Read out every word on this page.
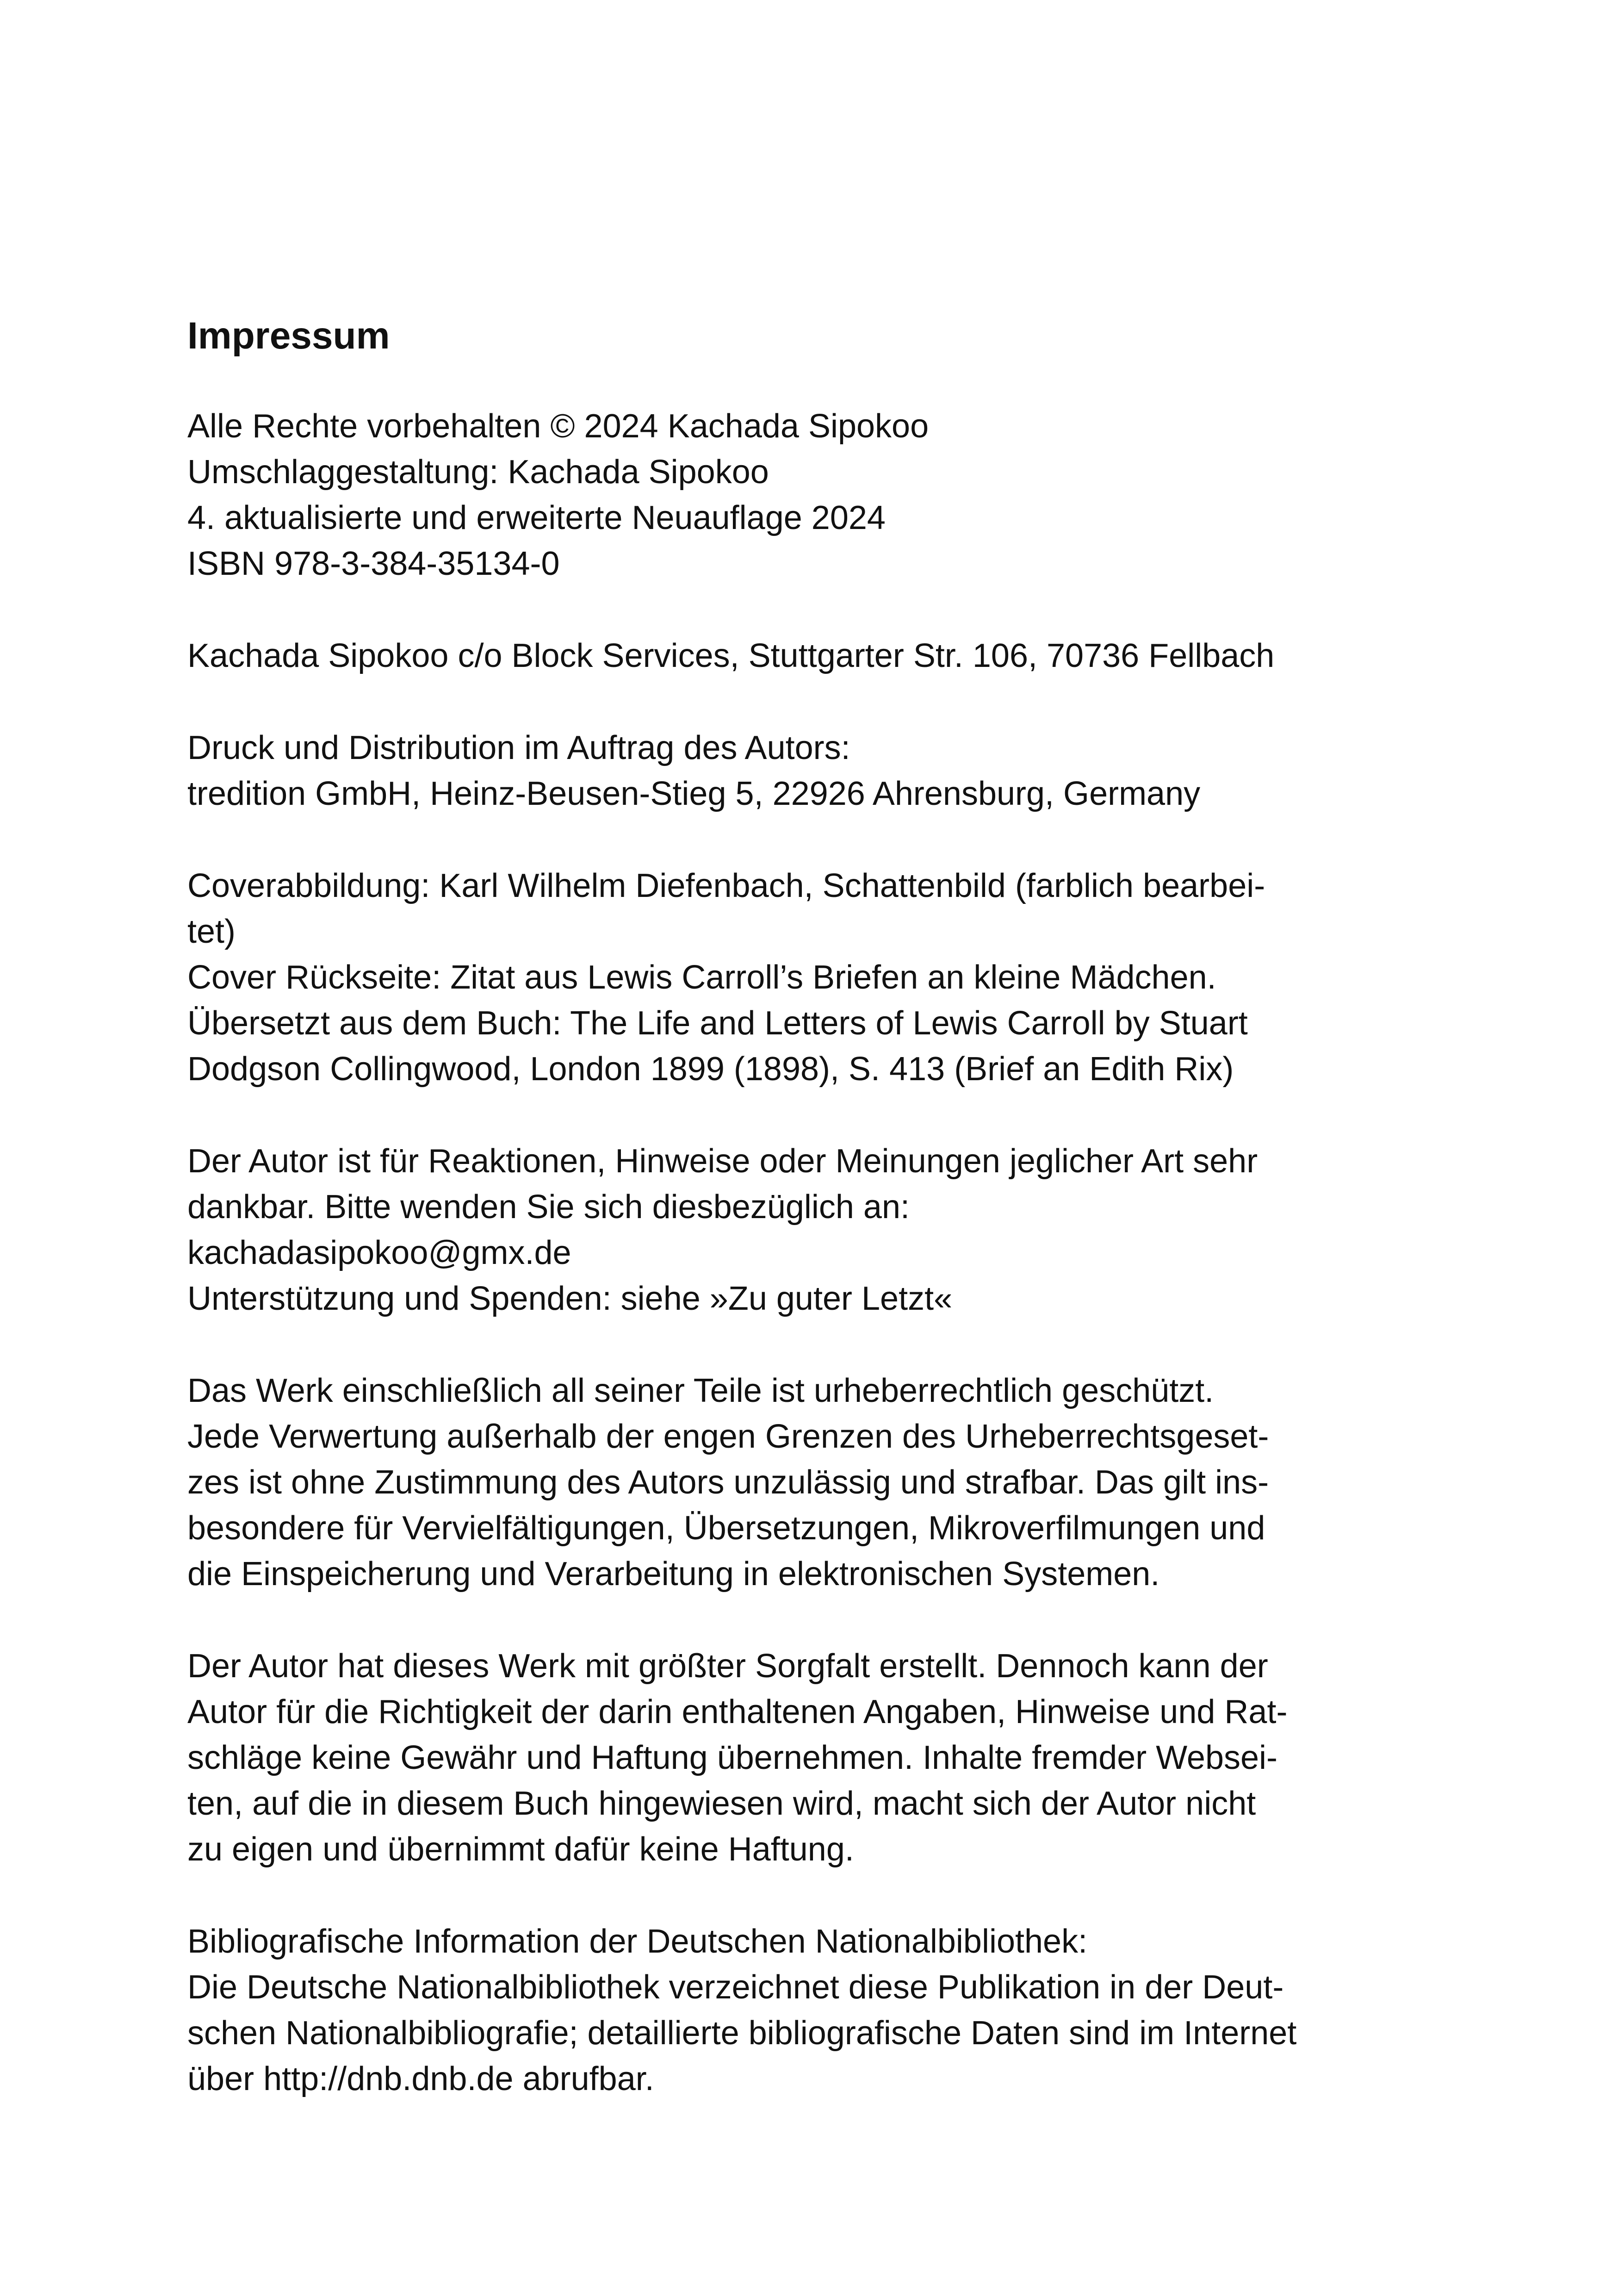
Impressum
Alle Rechte vorbehalten © 2024 Kachada Sipokoo
Umschlaggestaltung: Kachada Sipokoo
4. aktualisierte und erweiterte Neuauflage 2024
ISBN 978-3-384-35134-0
Kachada Sipokoo c/o Block Services, Stuttgarter Str. 106, 70736 Fellbach
Druck und Distribution im Auftrag des Autors:
tredition GmbH, Heinz-Beusen-Stieg 5, 22926 Ahrensburg, Germany
Coverabbildung: Karl Wilhelm Diefenbach, Schattenbild (farblich bearbei-
tet)
Cover Rückseite: Zitat aus Lewis Carroll’s Briefen an kleine Mädchen.
Übersetzt aus dem Buch: The Life and Letters of Lewis Carroll by Stuart
Dodgson Collingwood, London 1899 (1898), S. 413 (Brief an Edith Rix)
Der Autor ist für Reaktionen, Hinweise oder Meinungen jeglicher Art sehr
dankbar. Bitte wenden Sie sich diesbezüglich an:
kachadasipokoo@gmx.de
Unterstützung und Spenden: siehe »Zu guter Letzt«
Das Werk einschließlich all seiner Teile ist urheberrechtlich geschützt.
Jede Verwertung außerhalb der engen Grenzen des Urheberrechtsgeset-
zes ist ohne Zustimmung des Autors unzulässig und strafbar. Das gilt ins-
besondere für Vervielfältigungen, Übersetzungen, Mikroverfilmungen und
die Einspeicherung und Verarbeitung in elektronischen Systemen.
Der Autor hat dieses Werk mit größter Sorgfalt erstellt. Dennoch kann der
Autor für die Richtigkeit der darin enthaltenen Angaben, Hinweise und Rat-
schläge keine Gewähr und Haftung übernehmen. Inhalte fremder Websei-
ten, auf die in diesem Buch hingewiesen wird, macht sich der Autor nicht
zu eigen und übernimmt dafür keine Haftung.
Bibliografische Information der Deutschen Nationalbibliothek:
Die Deutsche Nationalbibliothek verzeichnet diese Publikation in der Deut-
schen Nationalbibliografie; detaillierte bibliografische Daten sind im Internet
über http://dnb.dnb.de abrufbar.
